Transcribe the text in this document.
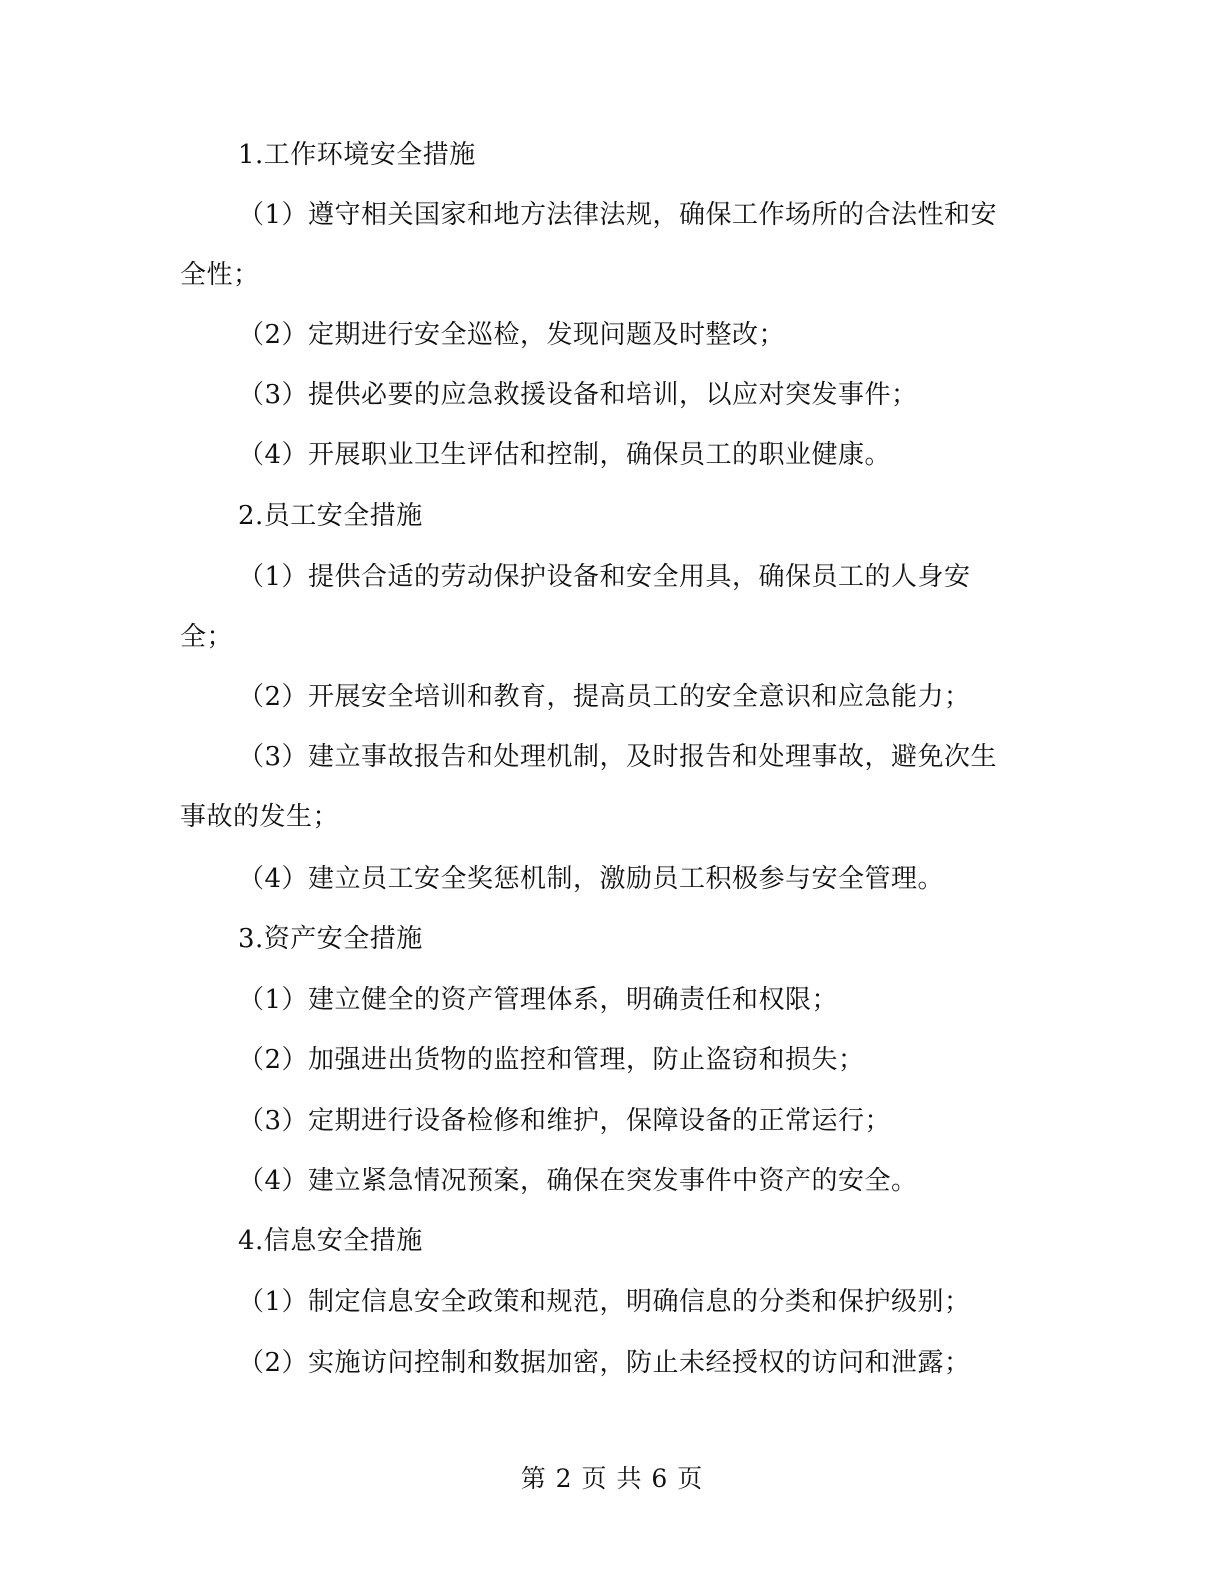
1.工作环境安全措施
（1）遵守相关国家和地方法律法规，确保工作场所的合法性和安
全性；
（2）定期进行安全巡检，发现问题及时整改；
（3）提供必要的应急救援设备和培训，以应对突发事件；
（4）开展职业卫生评估和控制，确保员工的职业健康。
2.员工安全措施
（1）提供合适的劳动保护设备和安全用具，确保员工的人身安
全；
（2）开展安全培训和教育，提高员工的安全意识和应急能力；
（3）建立事故报告和处理机制，及时报告和处理事故，避免次生
事故的发生；
（4）建立员工安全奖惩机制，激励员工积极参与安全管理。
3.资产安全措施
（1）建立健全的资产管理体系，明确责任和权限；
（2）加强进出货物的监控和管理，防止盗窃和损失；
（3）定期进行设备检修和维护，保障设备的正常运行；
（4）建立紧急情况预案，确保在突发事件中资产的安全。
4.信息安全措施
（1）制定信息安全政策和规范，明确信息的分类和保护级别；
（2）实施访问控制和数据加密，防止未经授权的访问和泄露；
第 2 页 共 6 页
